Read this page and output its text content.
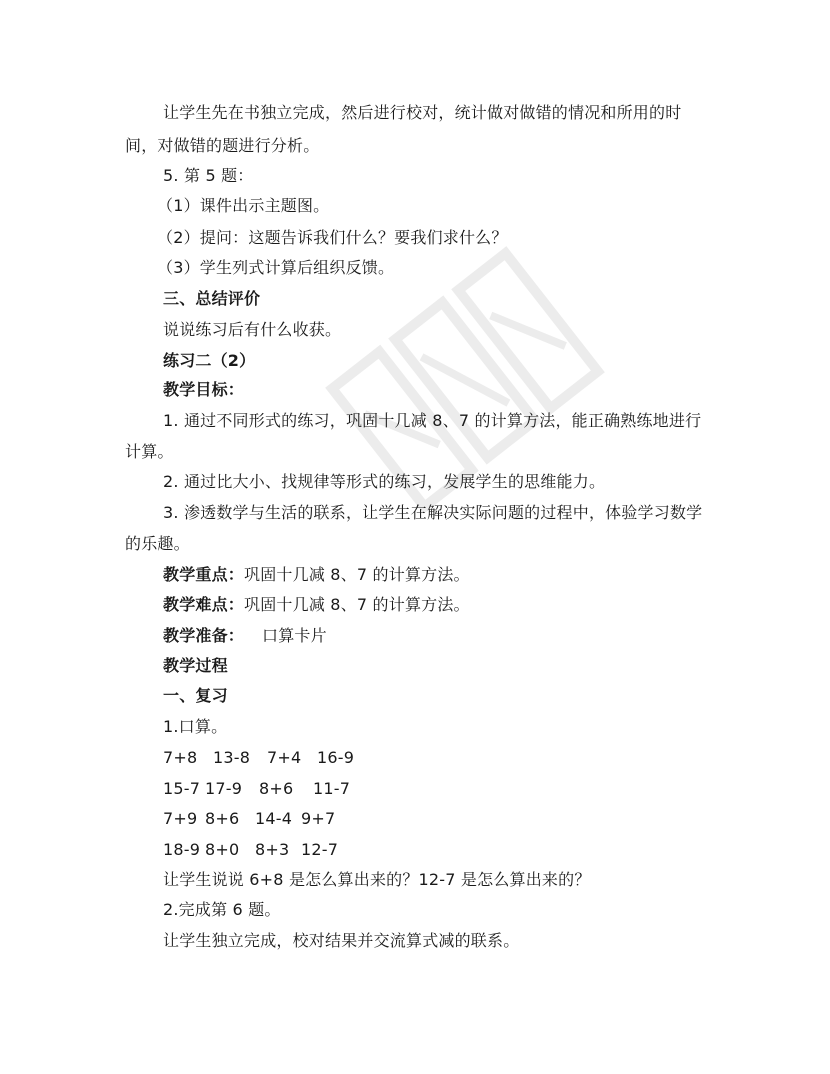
让学生先在书独立完成，然后进行校对，统计做对做错的情况和所用的时
间，对做错的题进行分析。
5. 第 5 题：
（1）课件出示主题图。
（2）提问：这题告诉我们什么？要我们求什么？
（3）学生列式计算后组织反馈。
三、总结评价
说说练习后有什么收获。
练习二（2）
教学目标：
1. 通过不同形式的练习，巩固十几减 8、7 的计算方法，能正确熟练地进行
计算。
2. 通过比大小、找规律等形式的练习，发展学生的思维能力。
3. 渗透数学与生活的联系，让学生在解决实际问题的过程中，体验学习数学
的乐趣。
教学重点：巩固十几减 8、7 的计算方法。
教学难点：巩固十几减 8、7 的计算方法。
教学准备： 口算卡片
教学过程
一、复习
1.口算。
7+8 13-8 7+4 16-9
15-7 17-9 8+6 11-7
7+9 8+6 14-4 9+7
18-9 8+0 8+3 12-7
让学生说说 6+8 是怎么算出来的？12-7 是怎么算出来的？
2.完成第 6 题。
让学生独立完成，校对结果并交流算式减的联系。
